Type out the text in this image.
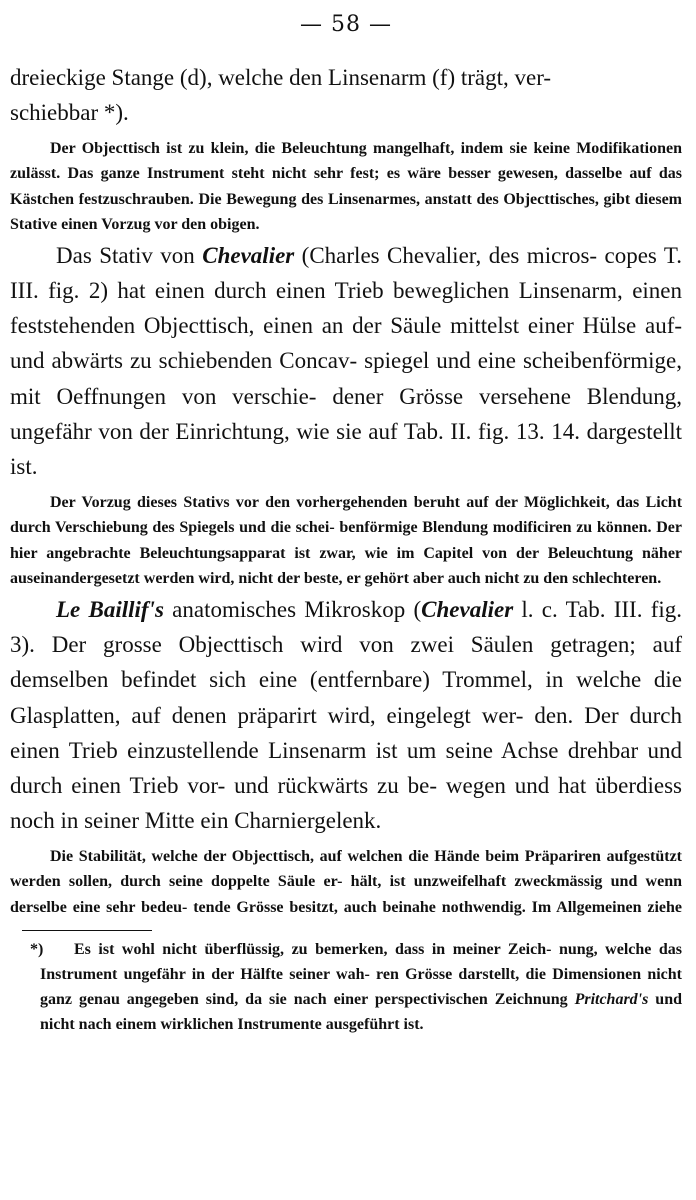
— 58 —

dreieckige Stange (d), welche den Linsenarm (f) trägt, ver-
schiebbar *).

Der Objecttisch ist zu klein, die Beleuchtung mangelhaft, indem sie keine Modifikationen zulässt. Das ganze Instrument steht nicht sehr fest; es wäre besser gewesen, dasselbe auf das Kästchen festzuschrauben. Die Bewegung des Linsenarmes, anstatt des Objecttisches, gibt diesem Stative einen Vorzug vor den obigen.

Das Stativ von Chevalier (Charles Chevalier, des micros- copes T. III. fig. 2) hat einen durch einen Trieb beweglichen Linsenarm, einen feststehenden Objecttisch, einen an der Säule mittelst einer Hülse auf- und abwärts zu schiebenden Concav- spiegel und eine scheibenförmige, mit Oeffnungen von verschie- dener Grösse versehene Blendung, ungefähr von der Einrichtung, wie sie auf Tab. II. fig. 13. 14. dargestellt ist.

Der Vorzug dieses Stativs vor den vorhergehenden beruht auf der Möglichkeit, das Licht durch Verschiebung des Spiegels und die schei- benförmige Blendung modificiren zu können. Der hier angebrachte Beleuchtungsapparat ist zwar, wie im Capitel von der Beleuchtung näher auseinandergesetzt werden wird, nicht der beste, er gehört aber auch nicht zu den schlechteren.

Le Baillif's anatomisches Mikroskop (Chevalier l. c. Tab. III. fig. 3). Der grosse Objecttisch wird von zwei Säulen getragen; auf demselben befindet sich eine (entfernbare) Trommel, in welche die Glasplatten, auf denen präparirt wird, eingelegt wer- den. Der durch einen Trieb einzustellende Linsenarm ist um seine Achse drehbar und durch einen Trieb vor- und rückwärts zu be- wegen und hat überdiess noch in seiner Mitte ein Charniergelenk.

Die Stabilität, welche der Objecttisch, auf welchen die Hände beim Präpariren aufgestützt werden sollen, durch seine doppelte Säule er- hält, ist unzweifelhaft zweckmässig und wenn derselbe eine sehr bedeu- tende Grösse besitzt, auch beinahe nothwendig. Im Allgemeinen ziehe

*) Es ist wohl nicht überflüssig, zu bemerken, dass in meiner Zeich- nung, welche das Instrument ungefähr in der Hälfte seiner wah- ren Grösse darstellt, die Dimensionen nicht ganz genau angegeben sind, da sie nach einer perspectivischen Zeichnung Pritchard's und nicht nach einem wirklichen Instrumente ausgeführt ist.
